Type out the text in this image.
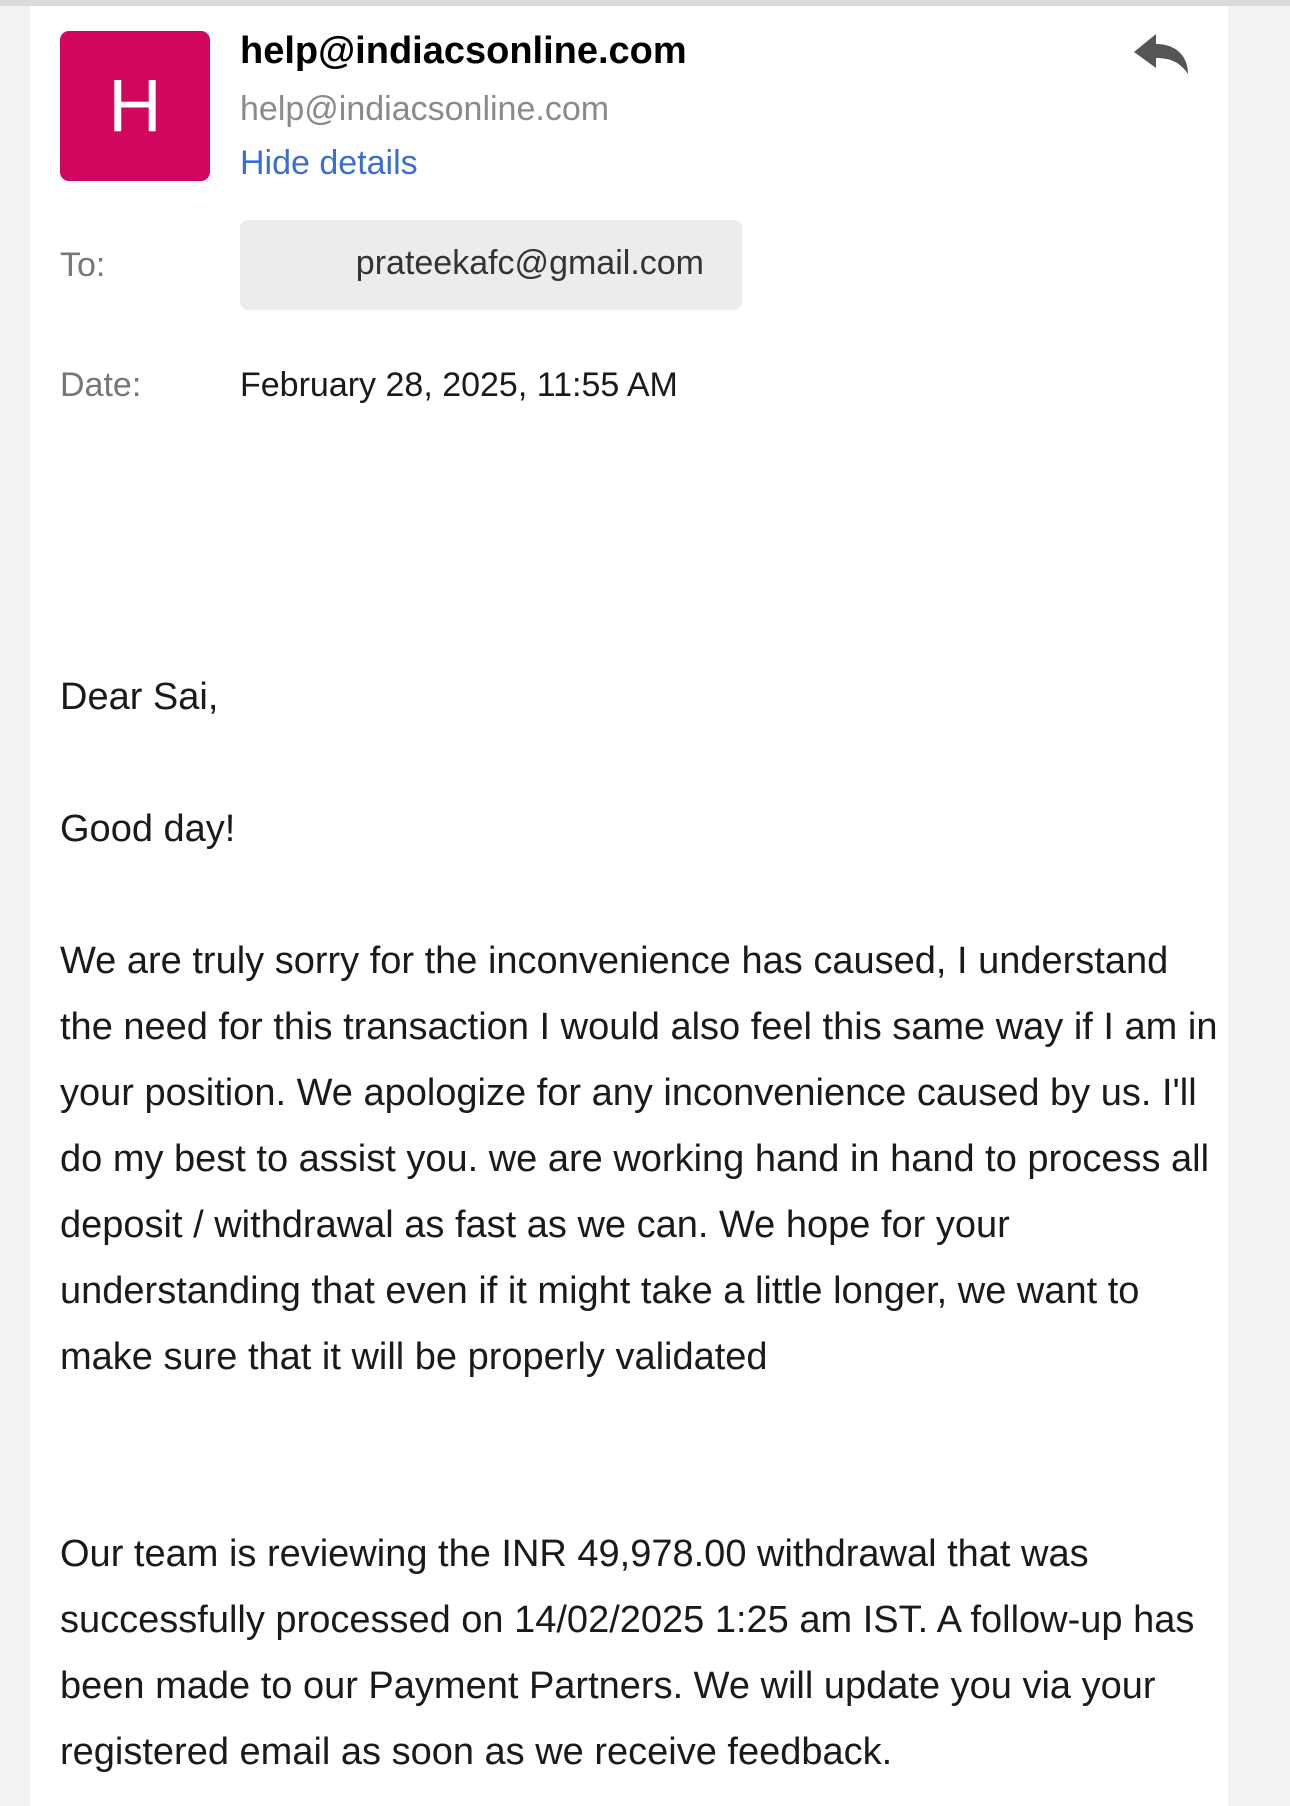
H
help@indiacsonline.com
help@indiacsonline.com
Hide details
To:	prateekafc@gmail.com
Date:	February 28, 2025, 11:55 AM
Dear Sai,
Good day!
We are truly sorry for the inconvenience has caused, I understand the need for this transaction I would also feel this same way if I am in your position. We apologize for any inconvenience caused by us. I'll do my best to assist you. we are working hand in hand to process all deposit / withdrawal as fast as we can. We hope for your understanding that even if it might take a little longer, we want to make sure that it will be properly validated
Our team is reviewing the INR 49,978.00 withdrawal that was successfully processed on 14/02/2025 1:25 am IST. A follow-up has been made to our Payment Partners. We will update you via your registered email as soon as we receive feedback.
